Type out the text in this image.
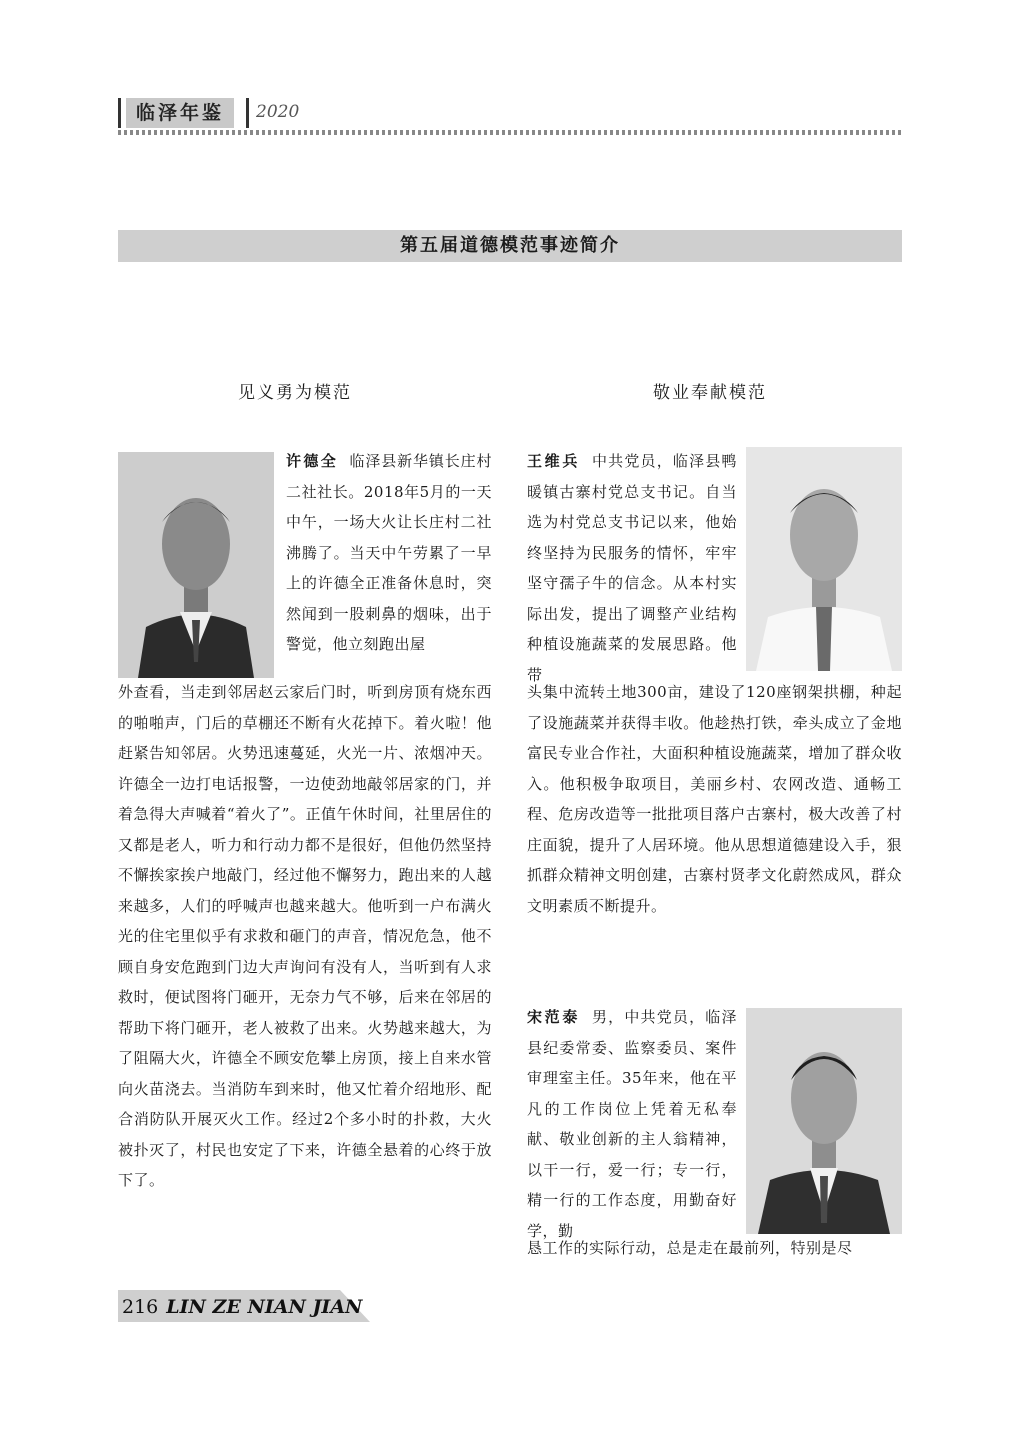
临泽年鉴	2020
第五届道德模范事迹简介
见义勇为模范	敬业奉献模范
许德全 临泽县新华镇长庄村二社社长。2018年5月的一天中午，一场大火让长庄村二社沸腾了。当天中午劳累了一早上的许德全正准备休息时，突然闻到一股刺鼻的烟味，出于警觉，他立刻跑出屋
外查看，当走到邻居赵云家后门时，听到房顶有烧东西的啪啪声，门后的草棚还不断有火花掉下。着火啦！他赶紧告知邻居。火势迅速蔓延，火光一片、浓烟冲天。许德全一边打电话报警，一边使劲地敲邻居家的门，并着急得大声喊着“着火了”。正值午休时间，社里居住的又都是老人，听力和行动力都不是很好，但他仍然坚持不懈挨家挨户地敲门，经过他不懈努力，跑出来的人越来越多，人们的呼喊声也越来越大。他听到一户布满火光的住宅里似乎有求救和砸门的声音，情况危急，他不顾自身安危跑到门边大声询问有没有人，当听到有人求救时，便试图将门砸开，无奈力气不够，后来在邻居的帮助下将门砸开，老人被救了出来。火势越来越大，为了阻隔大火，许德全不顾安危攀上房顶，接上自来水管向火苗浇去。当消防车到来时，他又忙着介绍地形、配合消防队开展灭火工作。经过2个多小时的扑救，大火被扑灭了，村民也安定了下来，许德全悬着的心终于放下了。
王维兵 中共党员，临泽县鸭暖镇古寨村党总支书记。自当选为村党总支书记以来，他始终坚持为民服务的情怀，牢牢坚守孺子牛的信念。从本村实际出发，提出了调整产业结构种植设施蔬菜的发展思路。他带
头集中流转土地300亩，建设了120座钢架拱棚，种起了设施蔬菜并获得丰收。他趁热打铁，牵头成立了金地富民专业合作社，大面积种植设施蔬菜，增加了群众收入。他积极争取项目，美丽乡村、农网改造、通畅工程、危房改造等一批批项目落户古寨村，极大改善了村庄面貌，提升了人居环境。他从思想道德建设入手，狠抓群众精神文明创建，古寨村贤孝文化蔚然成风，群众文明素质不断提升。
宋范泰 男，中共党员，临泽县纪委常委、监察委员、案件审理室主任。35年来，他在平凡的工作岗位上凭着无私奉献、敬业创新的主人翁精神，以干一行，爱一行；专一行，精一行的工作态度，用勤奋好学，勤
恳工作的实际行动，总是走在最前列，特别是尽
216 LIN ZE NIAN JIAN
